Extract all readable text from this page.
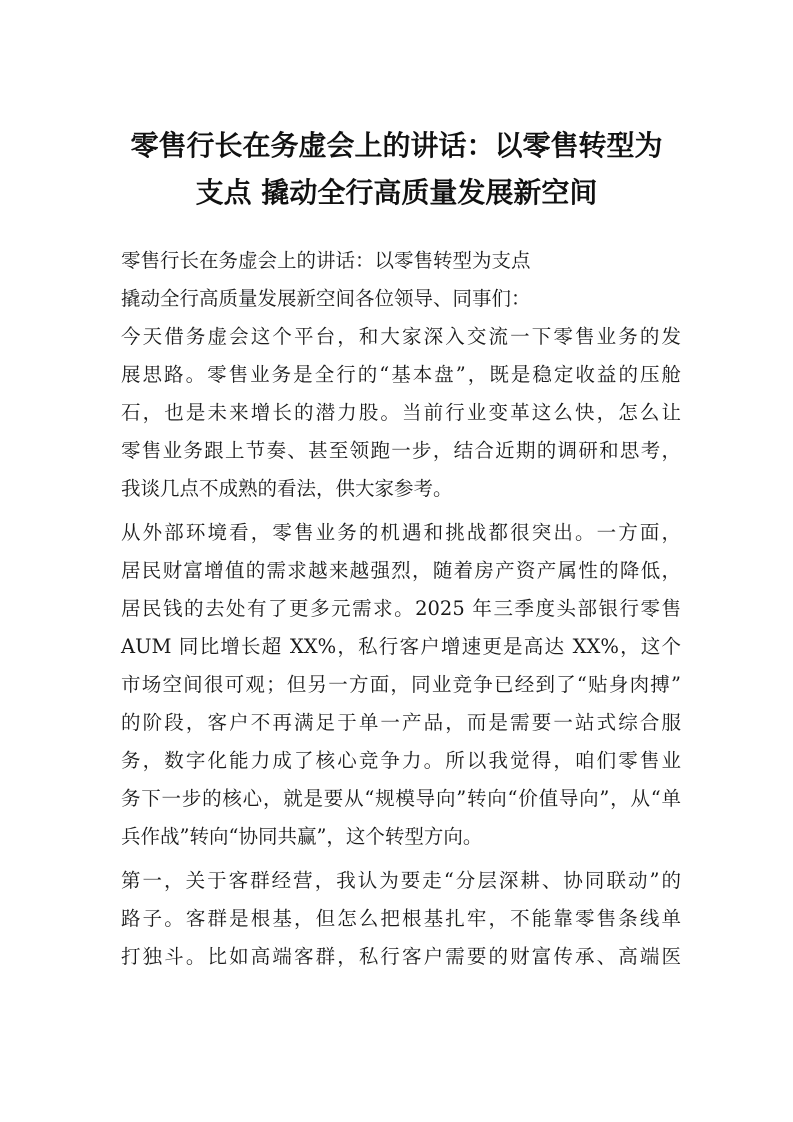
零售行长在务虚会上的讲话：以零售转型为
支点 撬动全行高质量发展新空间

零售行长在务虚会上的讲话：以零售转型为支点

撬动全行高质量发展新空间各位领导、同事们：

今天借务虚会这个平台，和大家深入交流一下零售业务的发

展思路。零售业务是全行的“基本盘”，既是稳定收益的压舱

石，也是未来增长的潜力股。当前行业变革这么快，怎么让

零售业务跟上节奏、甚至领跑一步，结合近期的调研和思考，

我谈几点不成熟的看法，供大家参考。

从外部环境看，零售业务的机遇和挑战都很突出。一方面，

居民财富增值的需求越来越强烈，随着房产资产属性的降低，

居民钱的去处有了更多元需求。2025 年三季度头部银行零售

AUM 同比增长超 XX%，私行客户增速更是高达 XX%，这个

市场空间很可观；但另一方面，同业竞争已经到了“贴身肉搏”

的阶段，客户不再满足于单一产品，而是需要一站式综合服

务，数字化能力成了核心竞争力。所以我觉得，咱们零售业

务下一步的核心，就是要从“规模导向”转向“价值导向”，从“单

兵作战”转向“协同共赢”，这个转型方向。

第一，关于客群经营，我认为要走“分层深耕、协同联动”的

路子。客群是根基，但怎么把根基扎牢，不能靠零售条线单

打独斗。比如高端客群，私行客户需要的财富传承、高端医
